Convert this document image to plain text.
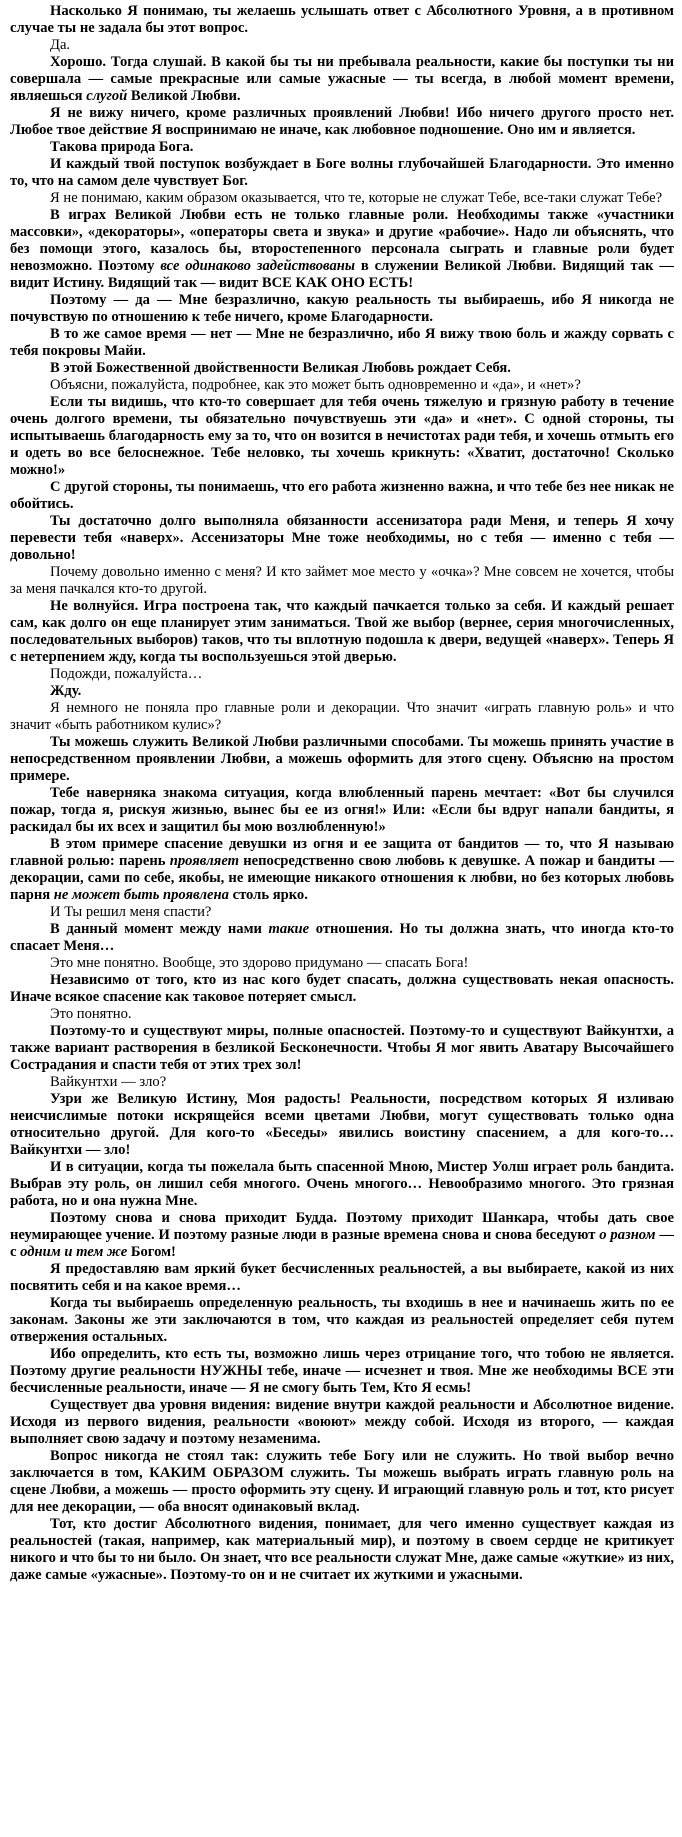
Насколько Я понимаю, ты желаешь услышать ответ с Абсолютного Уровня, а в противном случае ты не задала бы этот вопрос.

Да.

Хорошо. Тогда слушай. В какой бы ты ни пребывала реальности, какие бы поступки ты ни совершала — самые прекрасные или самые ужасные — ты всегда, в любой момент времени, являешься слугой Великой Любви.

Я не вижу ничего, кроме различных проявлений Любви! Ибо ничего другого просто нет. Любое твое действие Я воспринимаю не иначе, как любовное подношение. Оно им и является.

Такова природа Бога.

И каждый твой поступок возбуждает в Боге волны глубочайшей Благодарности. Это именно то, что на самом деле чувствует Бог.

Я не понимаю, каким образом оказывается, что те, которые не служат Тебе, все-таки служат Тебе?

В играх Великой Любви есть не только главные роли. Необходимы также «участники массовки», «декораторы», «операторы света и звука» и другие «рабочие». Надо ли объяснять, что без помощи этого, казалось бы, второстепенного персонала сыграть и главные роли будет невозможно. Поэтому все одинаково задействованы в служении Великой Любви. Видящий так — видит Истину. Видящий так — видит ВСЕ КАК ОНО ЕСТЬ!

Поэтому — да — Мне безразлично, какую реальность ты выбираешь, ибо Я никогда не почувствую по отношению к тебе ничего, кроме Благодарности.

В то же самое время — нет — Мне не безразлично, ибо Я вижу твою боль и жажду сорвать с тебя покровы Майи.

В этой Божественной двойственности Великая Любовь рождает Себя.

Объясни, пожалуйста, подробнее, как это может быть одновременно и «да», и «нет»?

Если ты видишь, что кто-то совершает для тебя очень тяжелую и грязную работу в течение очень долгого времени, ты обязательно почувствуешь эти «да» и «нет». С одной стороны, ты испытываешь благодарность ему за то, что он возится в нечистотах ради тебя, и хочешь отмыть его и одеть во все белоснежное. Тебе неловко, ты хочешь крикнуть: «Хватит, достаточно! Сколько можно!»

С другой стороны, ты понимаешь, что его работа жизненно важна, и что тебе без нее никак не обойтись.

Ты достаточно долго выполняла обязанности ассенизатора ради Меня, и теперь Я хочу перевести тебя «наверх». Ассенизаторы Мне тоже необходимы, но с тебя — именно с тебя — довольно!

Почему довольно именно с меня? И кто займет мое место у «очка»? Мне совсем не хочется, чтобы за меня пачкался кто-то другой.

Не волнуйся. Игра построена так, что каждый пачкается только за себя. И каждый решает сам, как долго он еще планирует этим заниматься. Твой же выбор (вернее, серия многочисленных, последовательных выборов) таков, что ты вплотную подошла к двери, ведущей «наверх». Теперь Я с нетерпением жду, когда ты воспользуешься этой дверью.

Подожди, пожалуйста…

Жду.

Я немного не поняла про главные роли и декорации. Что значит «играть главную роль» и что значит «быть работником кулис»?

Ты можешь служить Великой Любви различными способами. Ты можешь принять участие в непосредственном проявлении Любви, а можешь оформить для этого сцену. Объясню на простом примере.

Тебе наверняка знакома ситуация, когда влюбленный парень мечтает: «Вот бы случился пожар, тогда я, рискуя жизнью, вынес бы ее из огня!» Или: «Если бы вдруг напали бандиты, я раскидал бы их всех и защитил бы мою возлюбленную!»

В этом примере спасение девушки из огня и ее защита от бандитов — то, что Я называю главной ролью: парень проявляет непосредственно свою любовь к девушке. А пожар и бандиты — декорации, сами по себе, якобы, не имеющие никакого отношения к любви, но без которых любовь парня не может быть проявлена столь ярко.

И Ты решил меня спасти?

В данный момент между нами такие отношения. Но ты должна знать, что иногда кто-то спасает Меня…

Это мне понятно. Вообще, это здорово придумано — спасать Бога!

Независимо от того, кто из нас кого будет спасать, должна существовать некая опасность. Иначе всякое спасение как таковое потеряет смысл.

Это понятно.

Поэтому-то и существуют миры, полные опасностей. Поэтому-то и существуют Вайкунтхи, а также вариант растворения в безликой Бесконечности. Чтобы Я мог явить Аватару Высочайшего Сострадания и спасти тебя от этих трех зол!

Вайкунтхи — зло?

Узри же Великую Истину, Моя радость! Реальности, посредством которых Я изливаю неисчислимые потоки искрящейся всеми цветами Любви, могут существовать только одна относительно другой. Для кого-то «Беседы» явились воистину спасением, а для кого-то… Вайкунтхи — зло!

И в ситуации, когда ты пожелала быть спасенной Мною, Мистер Уолш играет роль бандита. Выбрав эту роль, он лишил себя многого. Очень многого… Невообразимо многого. Это грязная работа, но и она нужна Мне.

Поэтому снова и снова приходит Будда. Поэтому приходит Шанкара, чтобы дать свое неумирающее учение. И поэтому разные люди в разные времена снова и снова беседуют о разном — с одним и тем же Богом!

Я предоставляю вам яркий букет бесчисленных реальностей, а вы выбираете, какой из них посвятить себя и на какое время…

Когда ты выбираешь определенную реальность, ты входишь в нее и начинаешь жить по ее законам. Законы же эти заключаются в том, что каждая из реальностей определяет себя путем отвержения остальных.

Ибо определить, кто есть ты, возможно лишь через отрицание того, что тобою не является. Поэтому другие реальности НУЖНЫ тебе, иначе — исчезнет и твоя. Мне же необходимы ВСЕ эти бесчисленные реальности, иначе — Я не смогу быть Тем, Кто Я есмь!

Существует два уровня видения: видение внутри каждой реальности и Абсолютное видение. Исходя из первого видения, реальности «воюют» между собой. Исходя из второго, — каждая выполняет свою задачу и поэтому незаменима.

Вопрос никогда не стоял так: служить тебе Богу или не служить. Но твой выбор вечно заключается в том, КАКИМ ОБРАЗОМ служить. Ты можешь выбрать играть главную роль на сцене Любви, а можешь — просто оформить эту сцену. И играющий главную роль и тот, кто рисует для нее декорации, — оба вносят одинаковый вклад.

Тот, кто достиг Абсолютного видения, понимает, для чего именно существует каждая из реальностей (такая, например, как материальный мир), и поэтому в своем сердце не критикует никого и что бы то ни было. Он знает, что все реальности служат Мне, даже самые «жуткие» из них, даже самые «ужасные». Поэтому-то он и не считает их жуткими и ужасными.
